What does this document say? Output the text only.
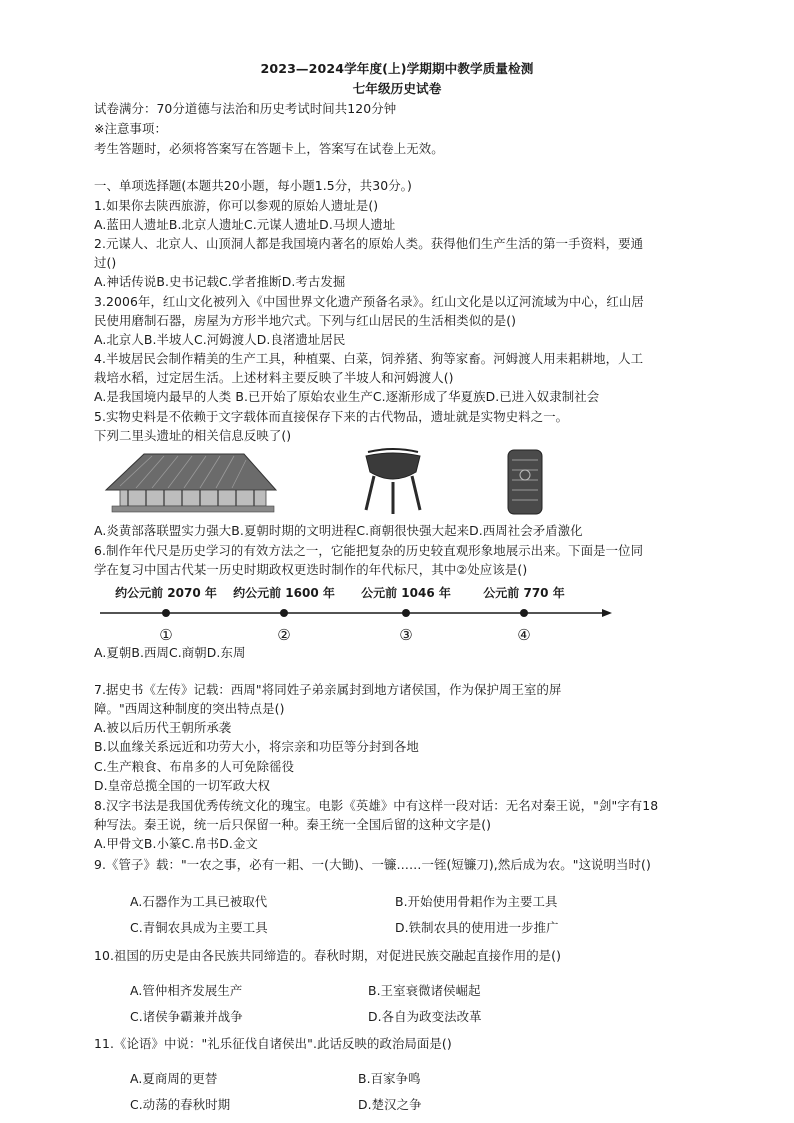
2023—2024学年度(上)学期期中教学质量检测
七年级历史试卷
试卷满分：70分道德与法治和历史考试时间共120分钟
※注意事项：
考生答题时，必须将答案写在答题卡上，答案写在试卷上无效。
一、单项选择题(本题共20小题，每小题1.5分，共30分。)
1.如果你去陕西旅游，你可以参观的原始人遗址是()
A.蓝田人遗址B.北京人遗址C.元谋人遗址D.马坝人遗址
2.元谋人、北京人、山顶洞人都是我国境内著名的原始人类。获得他们生产生活的第一手资料，要通
过()
A.神话传说B.史书记载C.学者推断D.考古发掘
3.2006年，红山文化被列入《中国世界文化遗产预备名录》。红山文化是以辽河流域为中心，红山居
民使用磨制石器，房屋为方形半地穴式。下列与红山居民的生活相类似的是()
A.北京人B.半坡人C.河姆渡人D.良渚遗址居民
4.半坡居民会制作精美的生产工具，种植粟、白菜，饲养猪、狗等家畜。河姆渡人用耒耜耕地，人工
栽培水稻，过定居生活。上述材料主要反映了半坡人和河姆渡人()
A.是我国境内最早的人类 B.已开始了原始农业生产C.逐渐形成了华夏族D.已进入奴隶制社会
5.实物史料是不依赖于文字载体而直接保存下来的古代物品，遗址就是实物史料之一。
下列二里头遗址的相关信息反映了()
A.炎黄部落联盟实力强大B.夏朝时期的文明进程C.商朝很快强大起来D.西周社会矛盾激化
6.制作年代尺是历史学习的有效方法之一，它能把复杂的历史较直观形象地展示出来。下面是一位同
学在复习中国古代某一历史时期政权更迭时制作的年代标尺，其中②处应该是()
约公元前 2070 年
①
约公元前 1600 年
②
公元前 1046 年
③
公元前 770 年
④
A.夏朝B.西周C.商朝D.东周
7.据史书《左传》记载：西周"将同姓子弟亲属封到地方诸侯国，作为保护周王室的屏
障。"西周这种制度的突出特点是()
A.被以后历代王朝所承袭
B.以血缘关系远近和功劳大小，将宗亲和功臣等分封到各地
C.生产粮食、布帛多的人可免除徭役
D.皇帝总揽全国的一切军政大权
8.汉字书法是我国优秀传统文化的瑰宝。电影《英雄》中有这样一段对话：无名对秦王说，"剑"字有18
种写法。秦王说，统一后只保留一种。秦王统一全国后留的这种文字是()
A.甲骨文B.小篆C.帛书D.金文
9.《管子》载："一农之事，必有一耜、一(大锄)、一镰……一铚(短镰刀),然后成为农。"这说明当时()
A.石器作为工具已被取代	B.开始使用骨耜作为主要工具
C.青铜农具成为主要工具	D.铁制农具的使用进一步推广
10.祖国的历史是由各民族共同缔造的。春秋时期，对促进民族交融起直接作用的是()
A.管仲相齐发展生产	B.王室衰微诸侯崛起
C.诸侯争霸兼并战争	D.各自为政变法改革
11.《论语》中说："礼乐征伐自诸侯出".此话反映的政治局面是()
A.夏商周的更替	B.百家争鸣
C.动荡的春秋时期	D.楚汉之争
